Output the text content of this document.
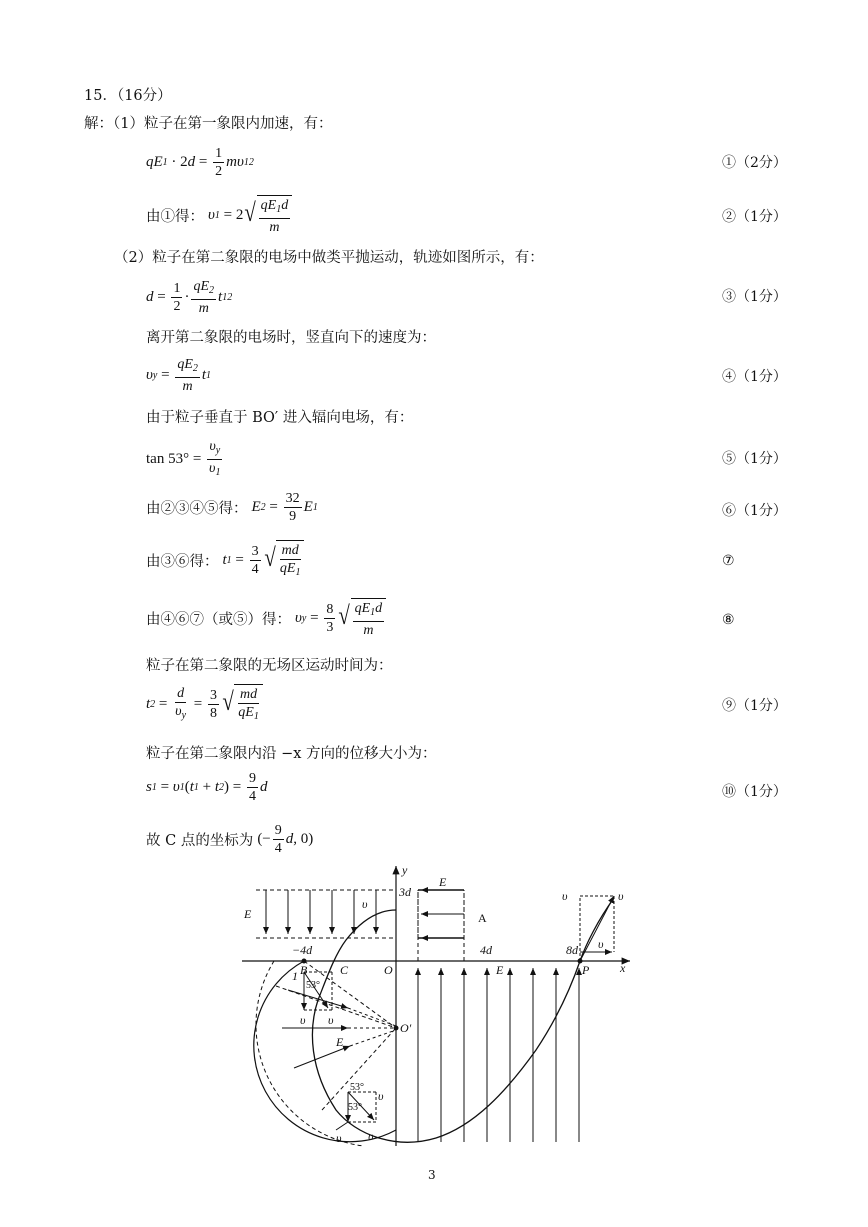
15．（16分）
解：（1）粒子在第一象限内加速，有：
qE 1 · 2 $d = \frac{1}{2}$ mυ 1 2	①（2分）
由①得： υ 1 = 2 √ $\frac{qE_1d}{m}$	②（1分）
（2）粒子在第二象限的电场中做类平抛运动，轨迹如图所示，有：
$d = \frac{1}{2} \cdot \frac{qE_2}{m}$ t 1 2	③（1分）
离开第二象限的电场时，竖直向下的速度为：
υ $y = \frac{qE_2}{m}$ t 1	④（1分）
由于粒子垂直于 BO′ 进入辐向电场，有：
$\tan 53^\circ = \frac{\upsilon_y}{\upsilon_1}$	⑤（1分）
由②③④⑤得： E $2 = \frac{32}{9}$ E 1	⑥（1分）
由③⑥得： t $1 = \frac{3}{4}$ √ $\frac{md}{qE_1}$	⑦
由④⑥⑦（或⑤）得： υ $y = \frac{8}{3}$ √ $\frac{qE_1d}{m}$	⑧
粒子在第二象限的无场区运动时间为：
t $2 = \frac{d}{\upsilon_y} = \frac{3}{8}$ √ $\frac{md}{qE_1}$	⑨（1分）
粒子在第二象限内沿 −x 方向的位移大小为：
s 1 = υ 1 ( t 1 + t 2 ) = $\frac{9}{4}$ d	⑩（1分）
故 C 点的坐标为 (− $\frac{9}{4}$ d , 0)
y
x
3d
E
E
υ
−4d
O
4d
E
8d
B	C	P
O′
E
A
53°
53°
53°
1
υ υ
υ	υ
υ
υ
υ υ
3
